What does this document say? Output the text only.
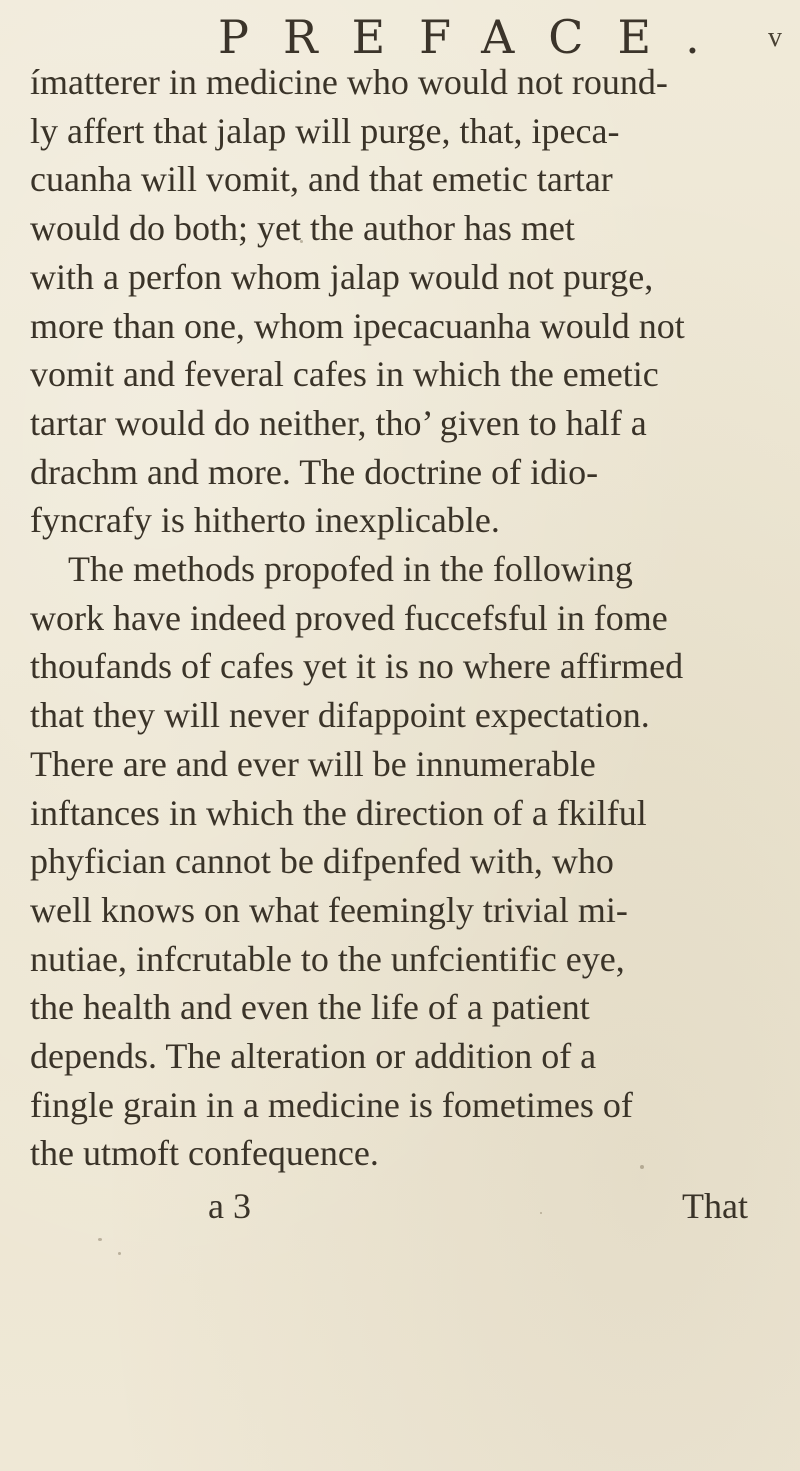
PREFACE. v
ímatterer in medicine who would not round-
ly affert that jalap will purge, that, ipeca-
cuanha will vomit, and that emetic tartar
would do both; yet the author has met
with a perfon whom jalap would not purge,
more than one, whom ipecacuanha would not
vomit and feveral cafes in which the emetic
tartar would do neither, tho’ given to half a
drachm and more. The doctrine of idio-
fyncrafy is hitherto inexplicable.
The methods propofed in the following
work have indeed proved fuccefsful in fome
thoufands of cafes yet it is no where affirmed
that they will never difappoint expectation.
There are and ever will be innumerable
inftances in which the direction of a fkilful
phyfician cannot be difpenfed with, who
well knows on what feemingly trivial mi-
nutiae, infcrutable to the unfcientific eye,
the health and even the life of a patient
depends. The alteration or addition of a
fingle grain in a medicine is fometimes of
the utmoft confequence.
a 3	That
